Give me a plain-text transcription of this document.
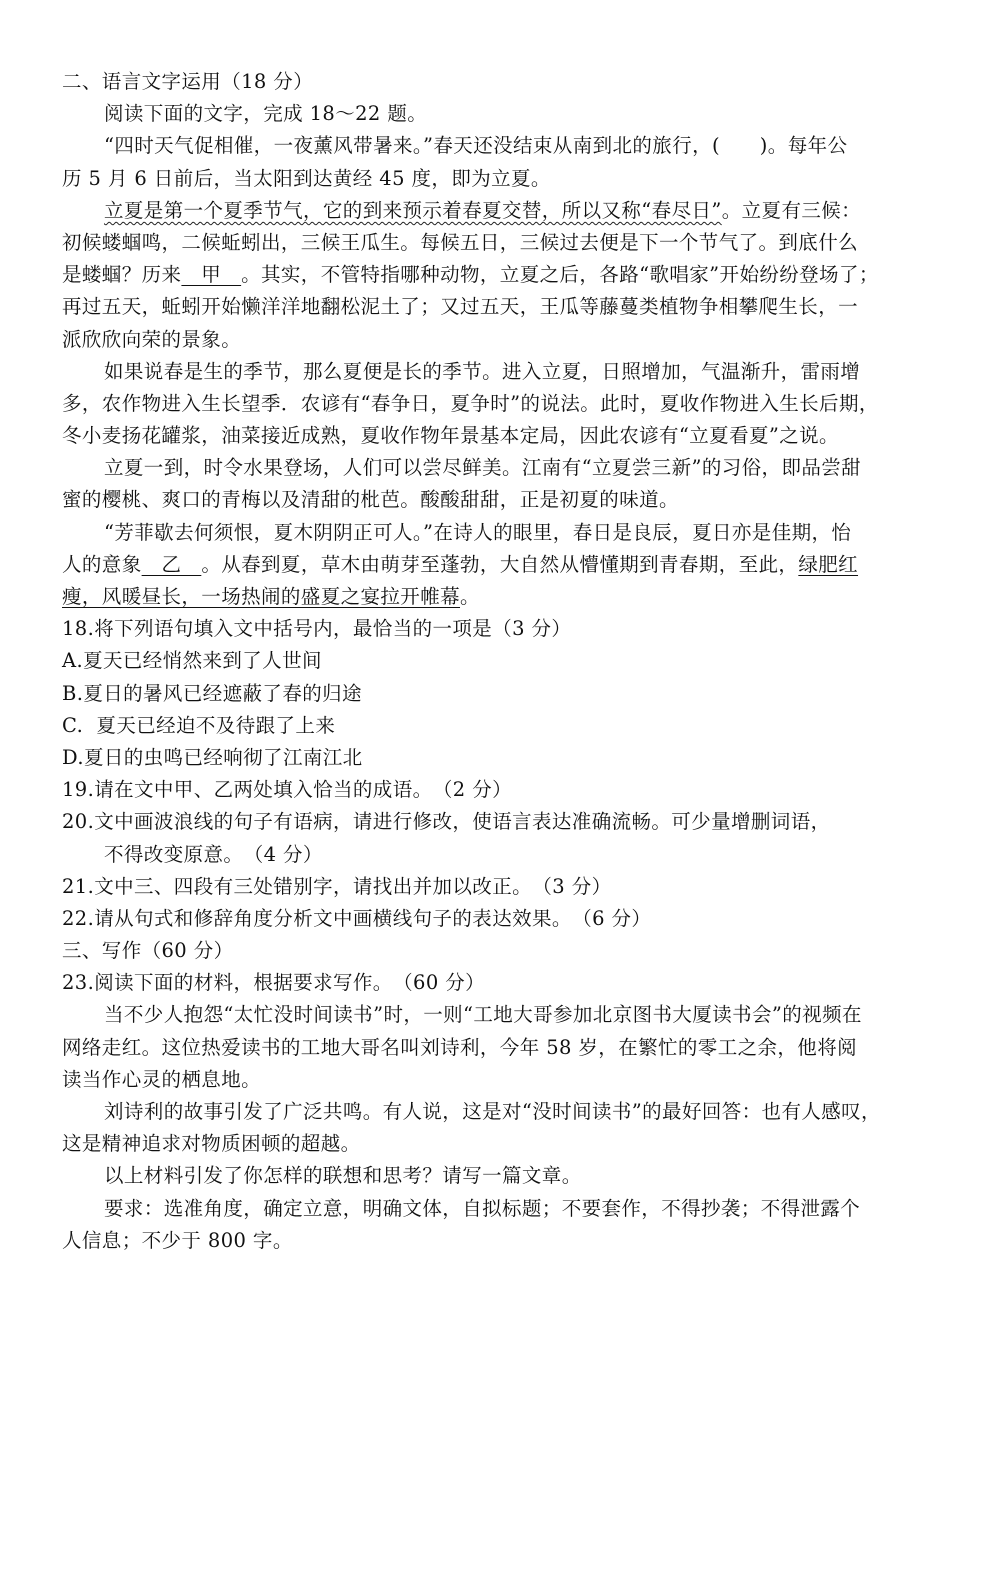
二、语言文字运用（18 分）
阅读下面的文字，完成 18～22 题。
“四时天气促相催，一夜薰风带暑来。”春天还没结束从南到北的旅行，(　　)。每年公
历 5 月 6 日前后，当太阳到达黄经 45 度，即为立夏。
立夏是第一个夏季节气，它的到来预示着春夏交替，所以又称“春尽日”。立夏有三候：
初候蝼蝈鸣，二候蚯蚓出，三候王瓜生。每候五日，三候过去便是下一个节气了。到底什么
是蝼蝈？历来　甲　。其实，不管特指哪种动物，立夏之后，各路“歌唱家”开始纷纷登场了；
再过五天，蚯蚓开始懒洋洋地翻松泥土了；又过五天，王瓜等藤蔓类植物争相攀爬生长，一
派欣欣向荣的景象。
如果说春是生的季节，那么夏便是长的季节。进入立夏，日照增加，气温渐升，雷雨增
多，农作物进入生长望季．农谚有“春争日，夏争时”的说法。此时，夏收作物进入生长后期，
冬小麦扬花罐浆，油菜接近成熟，夏收作物年景基本定局，因此农谚有“立夏看夏”之说。
立夏一到，时令水果登场，人们可以尝尽鲜美。江南有“立夏尝三新”的习俗，即品尝甜
蜜的樱桃、爽口的青梅以及清甜的枇芭。酸酸甜甜，正是初夏的味道。
“芳菲歇去何须恨，夏木阴阴正可人。”在诗人的眼里，春日是良辰，夏日亦是佳期，怡
人的意象　乙　。从春到夏，草木由萌芽至蓬勃，大自然从懵懂期到青春期，至此，绿肥红
瘦，风暖昼长，一场热闹的盛夏之宴拉开帷幕。
18.将下列语句填入文中括号内，最恰当的一项是（3 分）
A.夏天已经悄然来到了人世间
B.夏日的暑风已经遮蔽了春的归途
C.  夏天已经迫不及待跟了上来
D.夏日的虫鸣已经响彻了江南江北
19.请在文中甲、乙两处填入恰当的成语。　（2 分）
20.文中画波浪线的句子有语病，请进行修改，使语言表达准确流畅。可少量增删词语，
不得改变原意。　（4 分）
21.文中三、四段有三处错别字，请找出并加以改正。　（3 分）
22.请从句式和修辞角度分析文中画横线句子的表达效果。　（6 分）
三、写作（60 分）
23.阅读下面的材料，根据要求写作。　（60 分）
当不少人抱怨“太忙没时间读书”时，一则“工地大哥参加北京图书大厦读书会”的视频在
网络走红。这位热爱读书的工地大哥名叫刘诗利，今年 58 岁，在繁忙的零工之余，他将阅
读当作心灵的栖息地。
刘诗利的故事引发了广泛共鸣。有人说，这是对“没时间读书”的最好回答：也有人感叹，
这是精神追求对物质困顿的超越。
以上材料引发了你怎样的联想和思考？请写一篇文章。
要求：选准角度，确定立意，明确文体，自拟标题；不要套作，不得抄袭；不得泄露个
人信息；不少于 800 字。
